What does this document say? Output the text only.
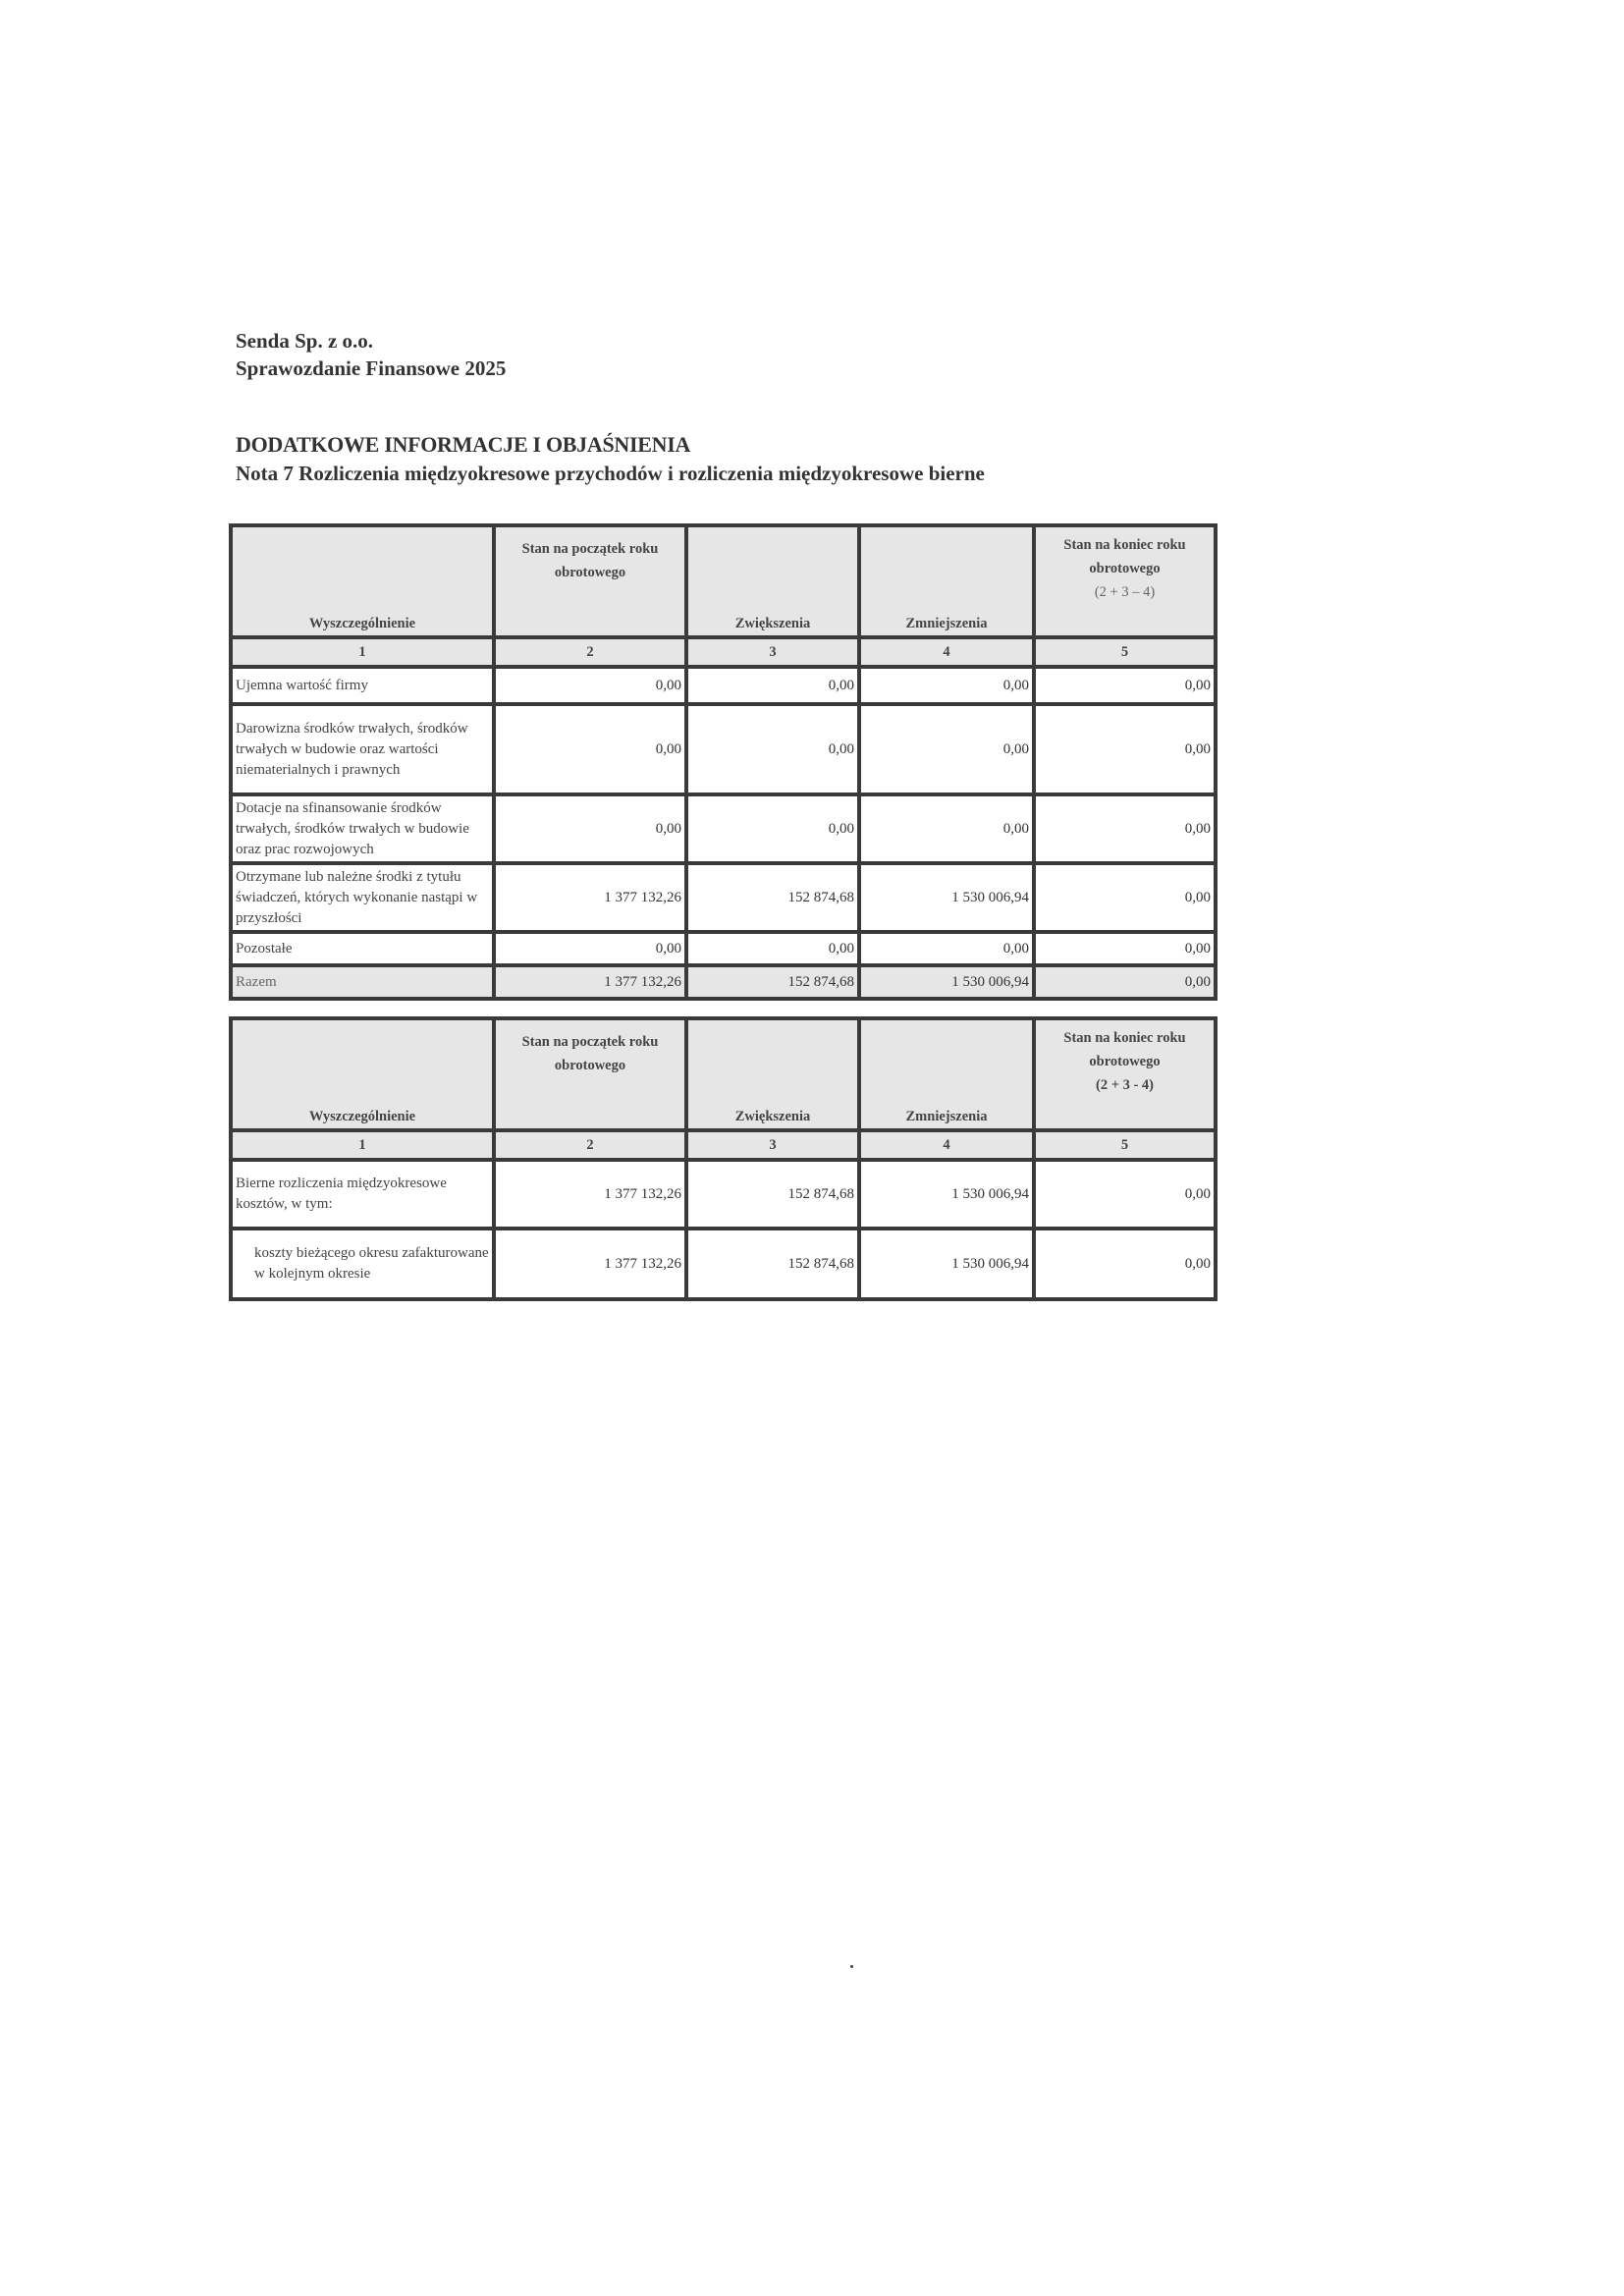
Senda Sp. z o.o.
Sprawozdanie Finansowe 2025
DODATKOWE INFORMACJE I OBJAŚNIENIA
Nota 7 Rozliczenia międzyokresowe przychodów i rozliczenia międzyokresowe bierne
Wyszczególnienie	Stan na początek roku obrotowego	Zwiększenia	Zmniejszenia	Stan na koniec roku obrotowego
(2 + 3 – 4)

1	2	3	4	5
Ujemna wartość firmy	0,00	0,00	0,00	0,00
Darowizna środków trwałych, środków trwałych w budowie oraz wartości niematerialnych i prawnych	0,00	0,00	0,00	0,00
Dotacje na sfinansowanie środków trwałych, środków trwałych w budowie oraz prac rozwojowych	0,00	0,00	0,00	0,00
Otrzymane lub należne środki z tytułu świadczeń, których wykonanie nastąpi w przyszłości	1 377 132,26	152 874,68	1 530 006,94	0,00
Pozostałe	0,00	0,00	0,00	0,00
Razem	1 377 132,26	152 874,68	1 530 006,94	0,00
Wyszczególnienie	Stan na początek roku obrotowego	Zwiększenia	Zmniejszenia	Stan na koniec roku obrotowego
(2 + 3 - 4)

1	2	3	4	5
Bierne rozliczenia międzyokresowe kosztów, w tym:	1 377 132,26	152 874,68	1 530 006,94	0,00
koszty bieżącego okresu zafakturowane w kolejnym okresie	1 377 132,26	152 874,68	1 530 006,94	0,00
